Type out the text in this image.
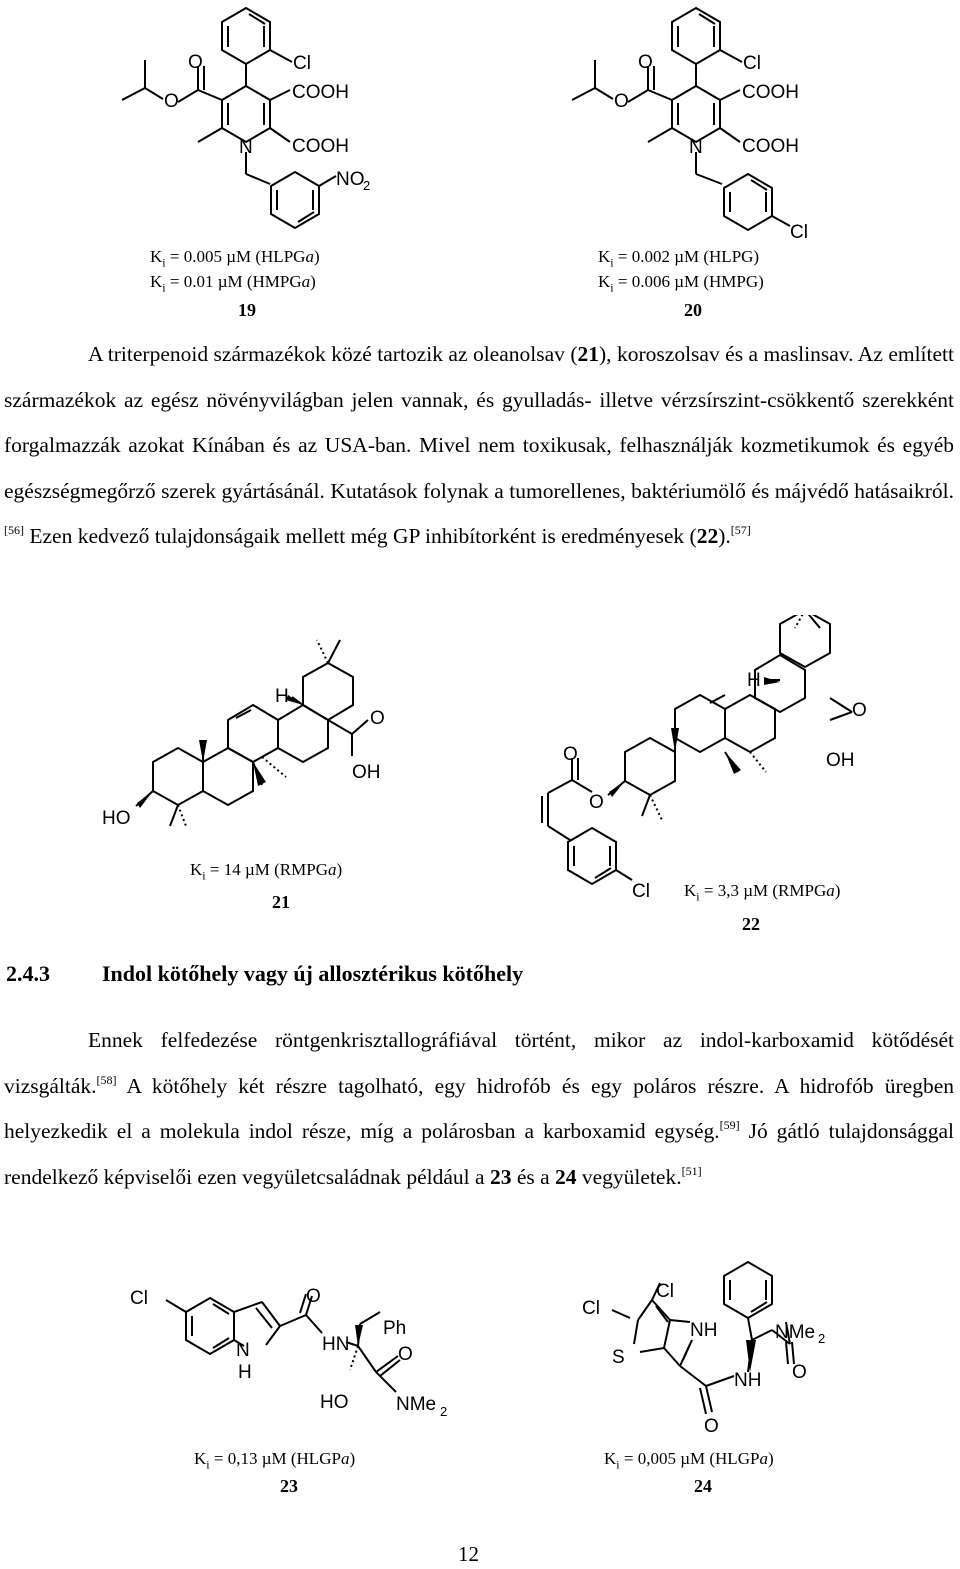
Cl
COOH
COOH
O
O
N
NO
2
$K_i = 0.005$ µM (HLPGa)
$K_i = 0.01$ µM (HMPGa)
19
Cl
COOH
COOH
O
O
N
Cl
$K_i = 0.002$ µM (HLPG)
$K_i = 0.006$ µM (HMPG)
20

A triterpenoid származékok közé tartozik az oleanolsav (21), koroszolsav és a maslinsav. Az említett származékok az egész növényvilágban jelen vannak, és gyulladás- illetve vérzsírszint-csökkentő szerekként forgalmazzák azokat Kínában és az USA-ban. Mivel nem toxikusak, felhasználják kozmetikumok és egyéb egészségmegőrző szerek gyártásánál. Kutatások folynak a tumorellenes, baktériumölő és májvédő hatásaikról.[56] Ezen kedvező tulajdonságaik mellett még GP inhibítorként is eredményesek (22).[57]

HO
H
O
OH
$K_i = 14$ µM (RMPGa)
21
O
O
H
O
OH
Cl $K_i = 3,3$ µM (RMPGa)
22
2.4.3 Indol kötőhely vagy új allosztérikus kötőhely

Ennek felfedezése röntgenkrisztallográfiával történt, mikor az indol-karboxamid kötődését vizsgálták.[58] A kötőhely két részre tagolható, egy hidrofób és egy poláros részre. A hidrofób üregben helyezkedik el a molekula indol része, míg a polárosban a karboxamid egység.[59] Jó gátló tulajdonsággal rendelkező képviselői ezen vegyületcsaládnak például a 23 és a 24 vegyületek.[51]

Cl	O
N
H
HN
Ph
O
HO	NMe 2
$K_i = 0,13$ µM (HLGPa)
23
Cl
Cl
S
NH	NMe 2
O
NH
O
$K_i = 0,005$ µM (HLGPa)
24
12
